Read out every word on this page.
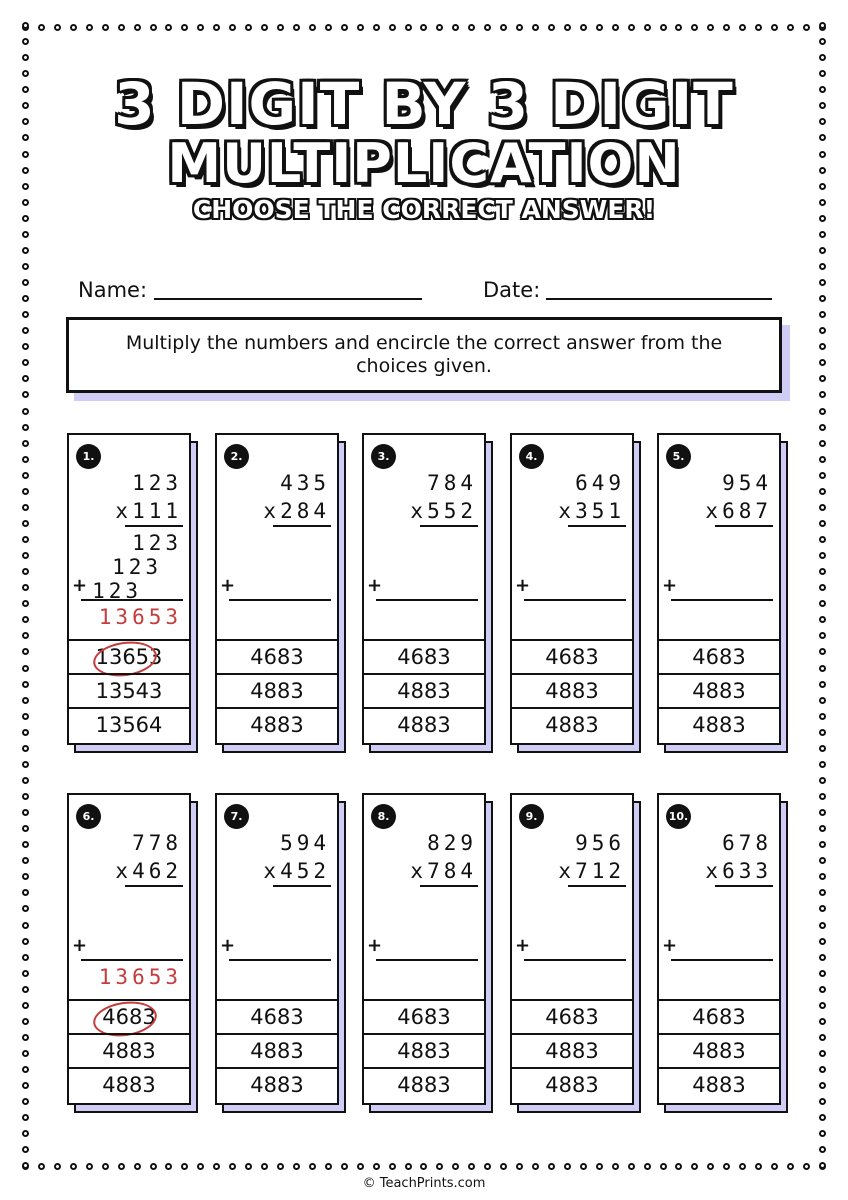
3 DIGIT BY 3 DIGIT
MULTIPLICATION
CHOOSE THE CORRECT ANSWER!
Name:	Date:
Multiply the numbers and encircle the correct answer from the choices given.
1.
123
x111
123
123
123
+
13653
13653
13543
13564
2.
435
x284
+
4683
4883
4883
3.
784
x552
+
4683
4883
4883
4.
649
x351
+
4683
4883
4883
5.
954
x687
+
4683
4883
4883
6.
778
x462
+
13653
4683
4883
4883
7.
594
x452
+
4683
4883
4883
8.
829
x784
+
4683
4883
4883
9.
956
x712
+
4683
4883
4883
10.
678
x633
+
4683
4883
4883
© TeachPrints.com
